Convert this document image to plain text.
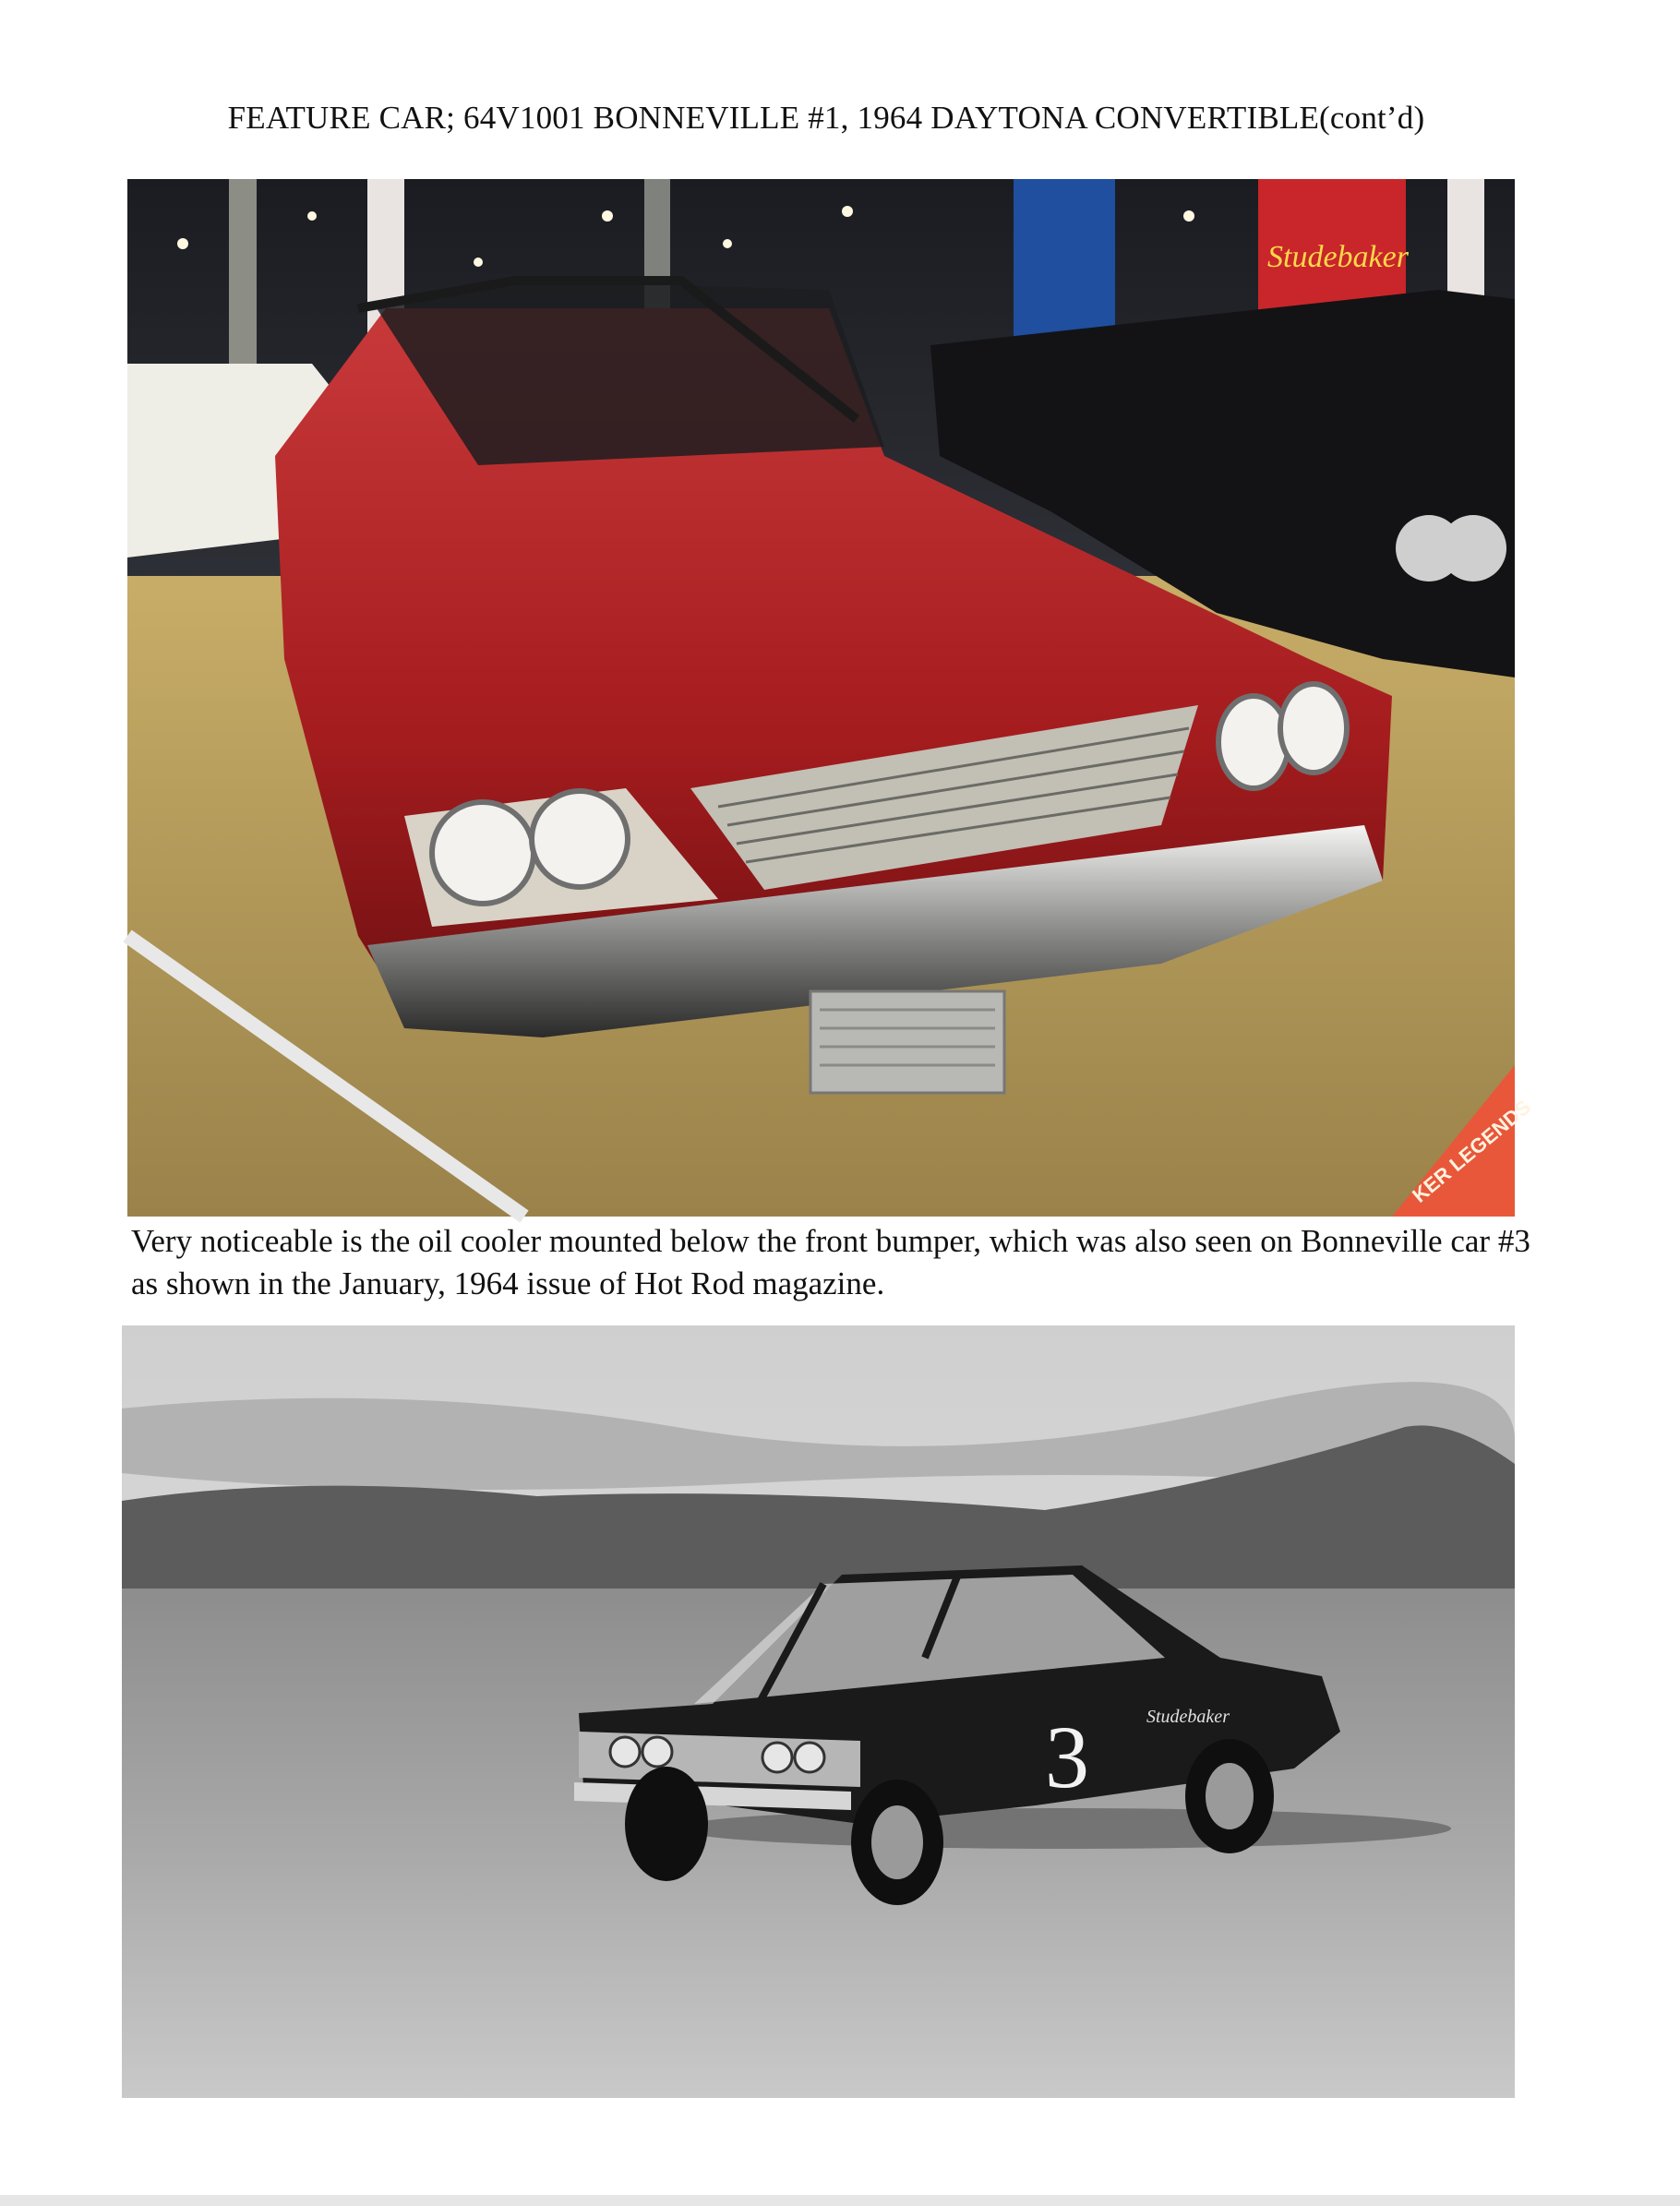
FEATURE CAR; 64V1001 BONNEVILLE #1, 1964 DAYTONA CONVERTIBLE(cont’d)
Studebaker
KER LEGENDS
Very noticeable is the oil cooler mounted below the front bumper, which was also seen on Bonneville car #3 as shown in the January, 1964 issue of Hot Rod magazine.
Studebaker
3
